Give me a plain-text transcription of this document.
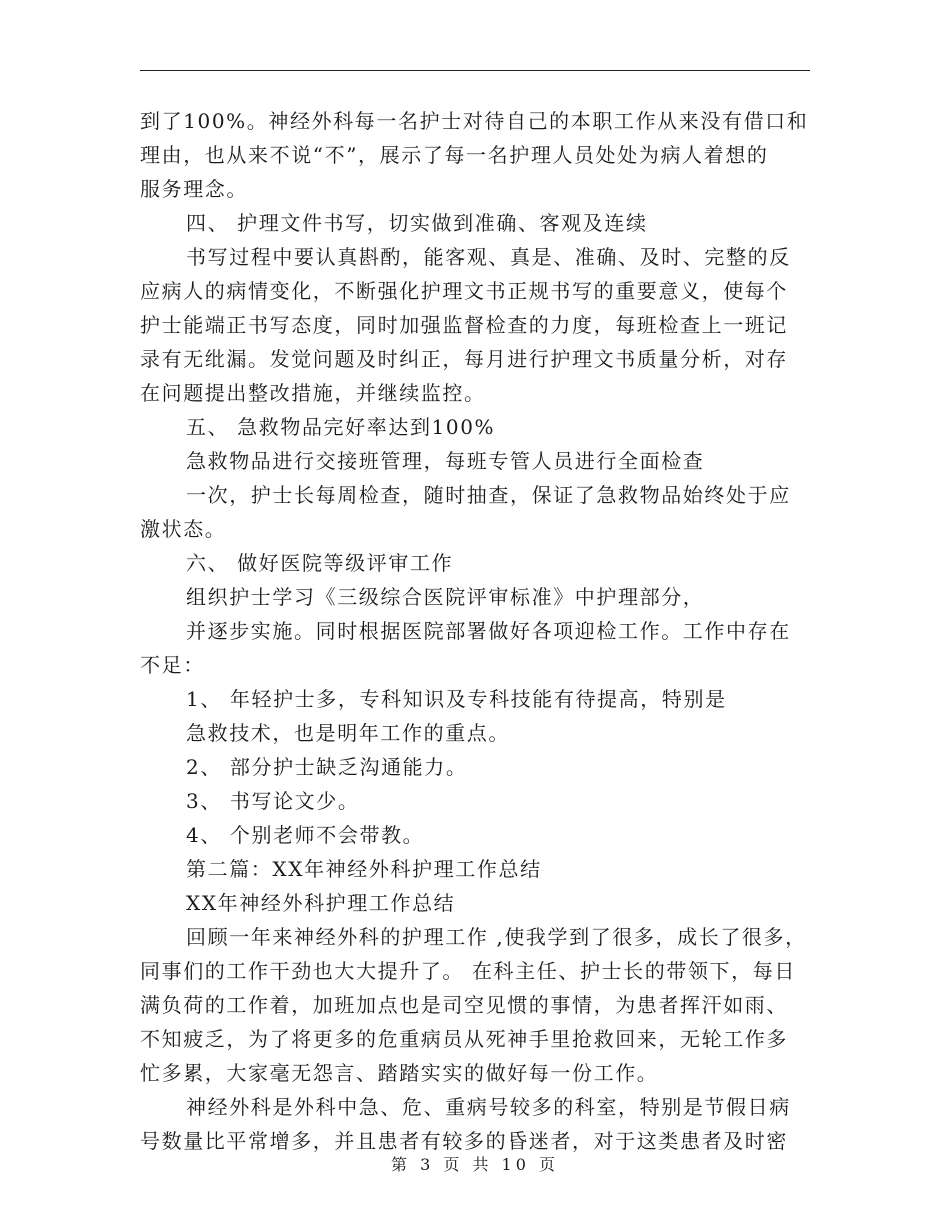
到了100%。神经外科每一名护士对待自己的本职工作从来没有借口和
理由，也从来不说“不”，展示了每一名护理人员处处为病人着想的
服务理念。
四、 护理文件书写，切实做到准确、客观及连续
书写过程中要认真斟酌，能客观、真是、准确、及时、完整的反
应病人的病情变化，不断强化护理文书正规书写的重要意义，使每个
护士能端正书写态度，同时加强监督检查的力度，每班检查上一班记
录有无纰漏。发觉问题及时纠正，每月进行护理文书质量分析，对存
在问题提出整改措施，并继续监控。
五、 急救物品完好率达到100%
急救物品进行交接班管理，每班专管人员进行全面检查
一次，护士长每周检查，随时抽查，保证了急救物品始终处于应
激状态。
六、 做好医院等级评审工作
组织护士学习《三级综合医院评审标准》中护理部分，
并逐步实施。同时根据医院部署做好各项迎检工作。工作中存在
不足：
1、 年轻护士多，专科知识及专科技能有待提高，特别是
急救技术，也是明年工作的重点。
2、 部分护士缺乏沟通能力。
3、 书写论文少。
4、 个别老师不会带教。
第二篇：XX年神经外科护理工作总结
XX年神经外科护理工作总结
回顾一年来神经外科的护理工作 ,使我学到了很多，成长了很多，
同事们的工作干劲也大大提升了。 在科主任、护士长的带领下，每日
满负荷的工作着，加班加点也是司空见惯的事情，为患者挥汗如雨、
不知疲乏，为了将更多的危重病员从死神手里抢救回来，无轮工作多
忙多累，大家毫无怨言、踏踏实实的做好每一份工作。
神经外科是外科中急、危、重病号较多的科室，特别是节假日病
号数量比平常增多，并且患者有较多的昏迷者，对于这类患者及时密
第 3 页 共 10 页
